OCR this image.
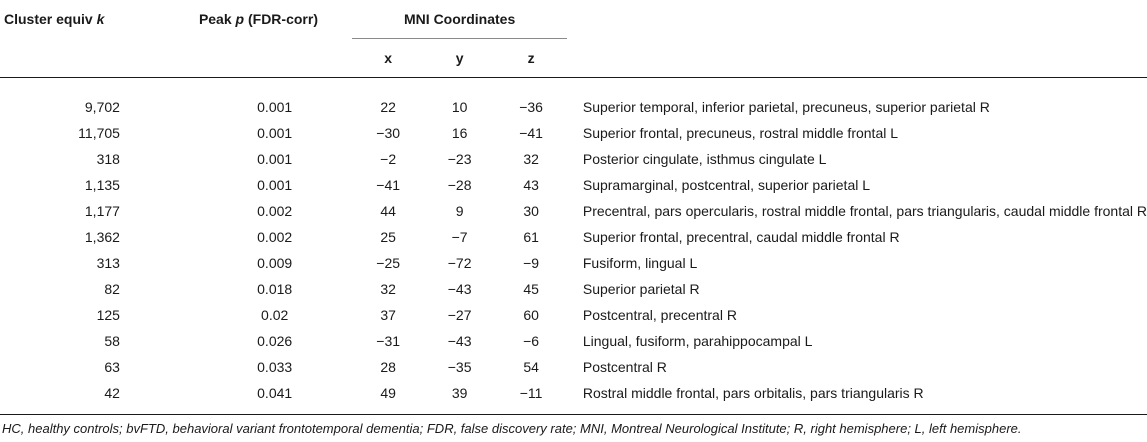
Cluster equiv k	Peak p (FDR-corr)	MNI Coordinates			
		x	y	z	

9,702	0.001	22	10	−36	Superior temporal, inferior parietal, precuneus, superior parietal R
11,705	0.001	−30	16	−41	Superior frontal, precuneus, rostral middle frontal L
318	0.001	−2	−23	32	Posterior cingulate, isthmus cingulate L
1,135	0.001	−41	−28	43	Supramarginal, postcentral, superior parietal L
1,177	0.002	44	9	30	Precentral, pars opercularis, rostral middle frontal, pars triangularis, caudal middle frontal R
1,362	0.002	25	−7	61	Superior frontal, precentral, caudal middle frontal R
313	0.009	−25	−72	−9	Fusiform, lingual L
82	0.018	32	−43	45	Superior parietal R
125	0.02	37	−27	60	Postcentral, precentral R
58	0.026	−31	−43	−6	Lingual, fusiform, parahippocampal L
63	0.033	28	−35	54	Postcentral R
42	0.041	49	39	−11	Rostral middle frontal, pars orbitalis, pars triangularis R

HC, healthy controls; bvFTD, behavioral variant frontotemporal dementia; FDR, false discovery rate; MNI, Montreal Neurological Institute; R, right hemisphere; L, left hemisphere.
